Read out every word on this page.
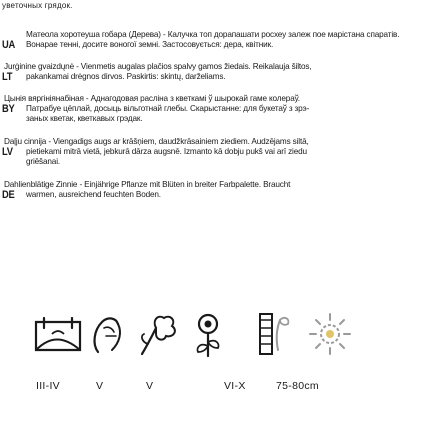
уветочных грядок.
UA
Матеола хоротеуша гобара (Дерева) - Калучка топ дорапашати росхеу залеж пое марістана спаратів.
Вонарае тенні, досите воногої земні. Застосовується: дера, квітник.
LT
Jurġinine gvaizdųnė - Vienmetis augalas plačios spalvy gamos žiedais. Reikalauja šiltos,
pakankamai drėgnos dirvos. Paskirtis: skintų, darželiams.
BY
Цынія вяргініянабіная - Аднагодовая расліна з кветкамі ў шырокай гаме колераў.
Патрабуе цёплай, досыць вільготнай глебы. Скарыстанне: для букетаў з зрэ-
заных кветак, кветкавых грэдак.
LV
Daļju cinnija - Viengadigs augs ar krāšņiem, daudžkrāsainiem ziediem. Audzējams siltā,
pietiekami mitrā vietā, jebkurā dārza augsnē. Izmanto kā dobju pukš vai arī ziedu
griēšanai.
DE
Dahlienblätige Zinnie - Einjährige Pflanze mit Blüten in breiter Farbpalette. Braucht
warmen, ausreichend feuchten Boden.
III-IV	V	V	VI-X	75-80cm
